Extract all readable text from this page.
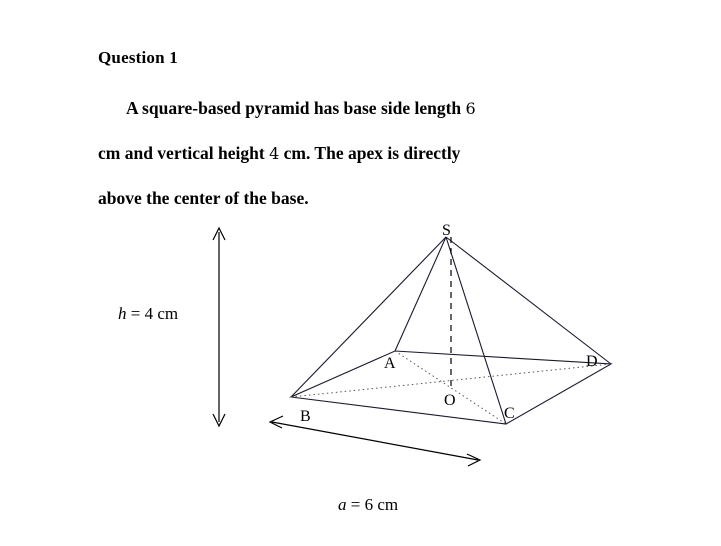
Question 1
A square-based pyramid has base side length 6
cm and vertical height 4 cm. The apex is directly
above the center of the base.
S
A
B	C
D
O
h = 4 cm
a = 6 cm
